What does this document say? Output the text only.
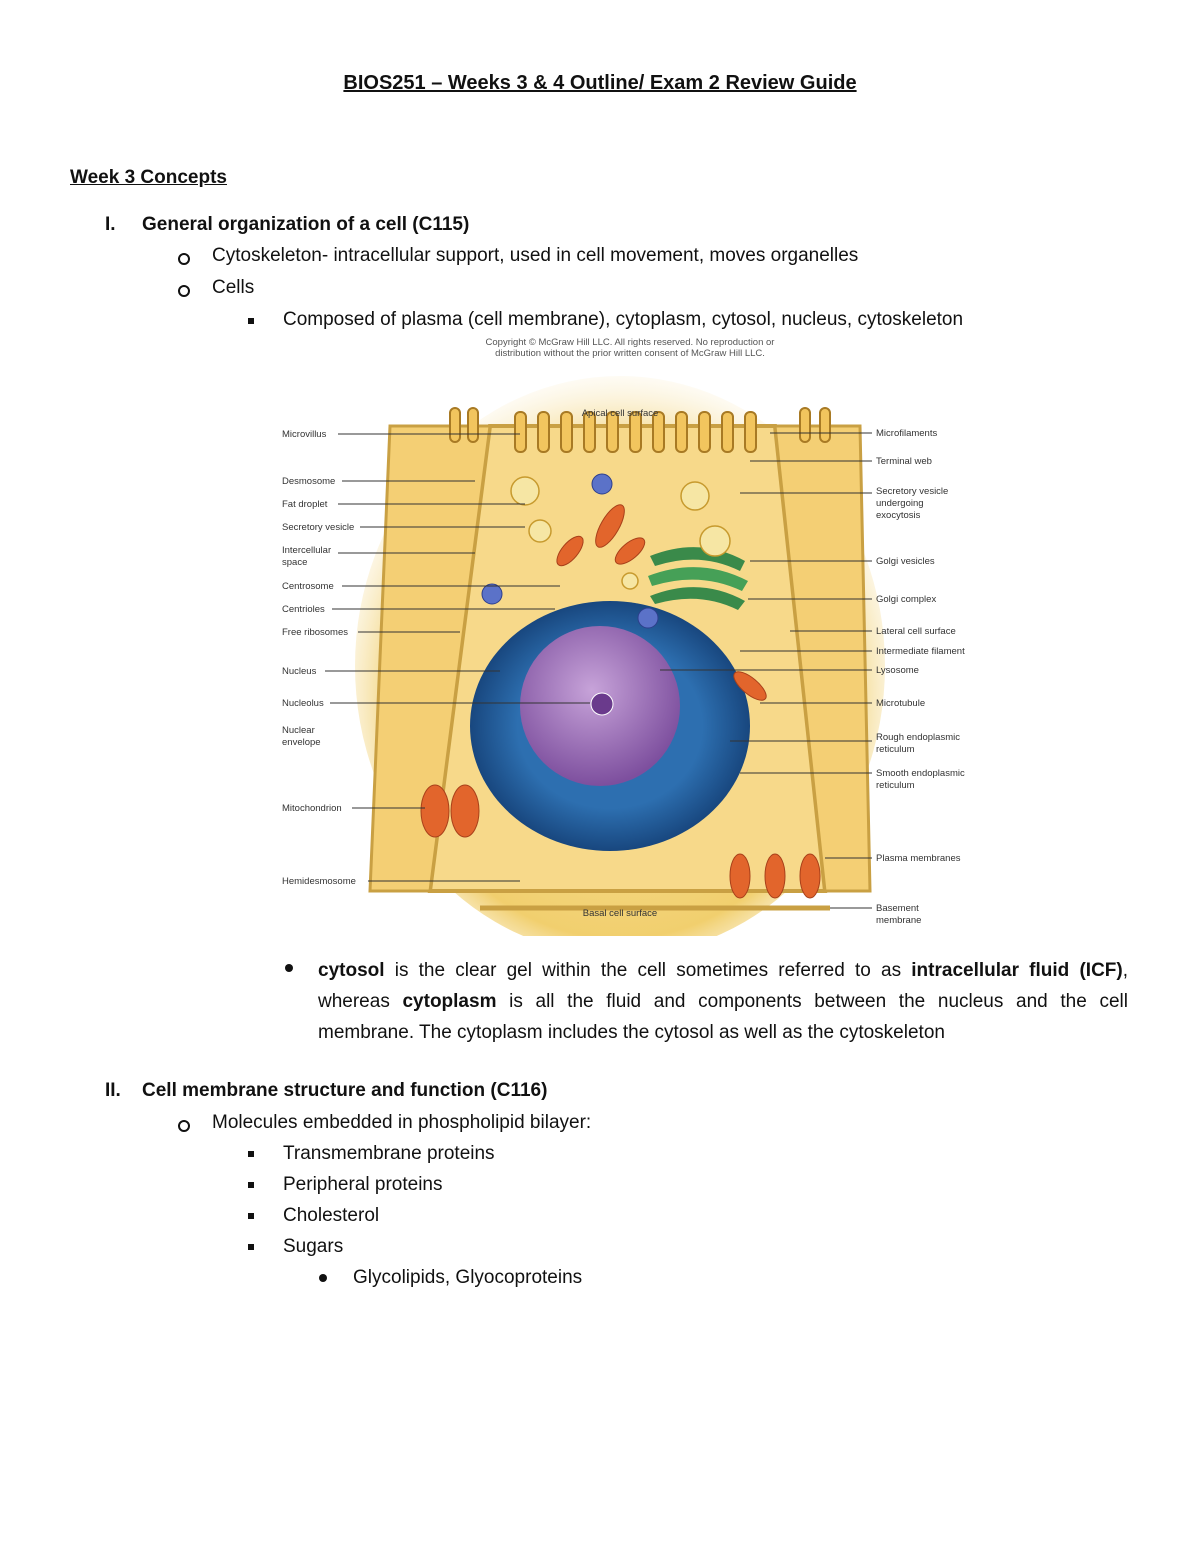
BIOS251 – Weeks 3 & 4 Outline/ Exam 2 Review Guide
Week 3 Concepts
I. General organization of a cell (C115)
Cytoskeleton- intracellular support, used in cell movement, moves organelles
Cells
Composed of plasma (cell membrane), cytoplasm, cytosol, nucleus, cytoskeleton
Copyright © McGraw Hill LLC. All rights reserved. No reproduction or
distribution without the prior written consent of McGraw Hill LLC.
Apical cell surface
Basal cell surface
Microvillus
Desmosome
Fat droplet
Secretory vesicle
Intercellular
space
Centrosome
Centrioles
Free ribosomes
Nucleus
Nucleolus
Nuclear
envelope
Mitochondrion
Hemidesmosome
Microfilaments
Terminal web
Secretory vesicle
undergoing
exocytosis
Golgi vesicles
Golgi complex
Lateral cell surface
Intermediate filament
Lysosome
Microtubule
Rough endoplasmic
reticulum
Smooth endoplasmic
reticulum
Plasma membranes
Basement
membrane
cytosol is the clear gel within the cell sometimes referred to as intracellular fluid (ICF), whereas cytoplasm is all the fluid and components between the nucleus and the cell membrane. The cytoplasm includes the cytosol as well as the cytoskeleton
II. Cell membrane structure and function (C116)
Molecules embedded in phospholipid bilayer:
Transmembrane proteins
Peripheral proteins
Cholesterol
Sugars
Glycolipids, Glyocoproteins
